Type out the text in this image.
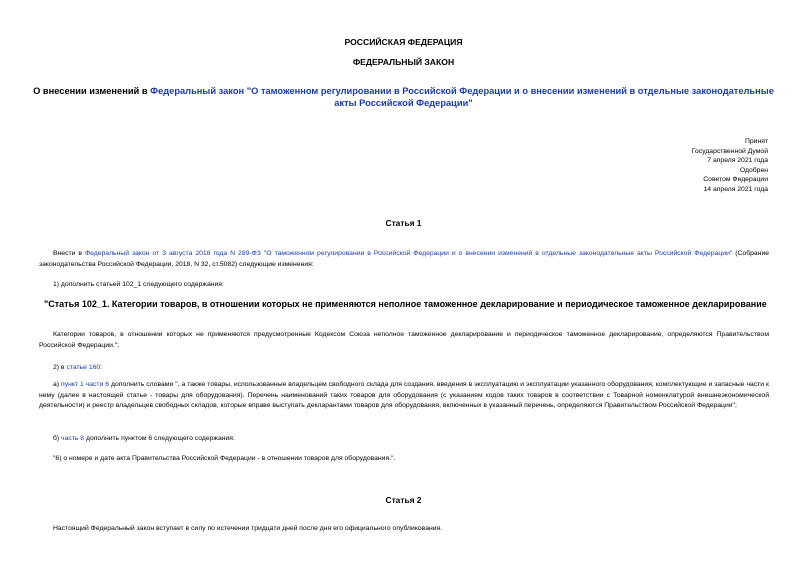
РОССИЙСКАЯ ФЕДЕРАЦИЯ
ФЕДЕРАЛЬНЫЙ ЗАКОН
О внесении изменений в Федеральный закон "О таможенном регулировании в Российской Федерации и о внесении изменений в отдельные законодательные акты Российской Федерации"
Принят
Государственной Думой
7 апреля 2021 года
Одобрен
Советом Федерации
14 апреля 2021 года
Статья 1
Внести в Федеральный закон от 3 августа 2018 года N 289-ФЗ "О таможенном регулировании в Российской Федерации и о внесении изменений в отдельные законодательные акты Российской Федерации" (Собрание законодательства Российской Федерации, 2018, N 32, ст.5082) следующие изменения:
1) дополнить статьей 102_1 следующего содержания:
"Статья 102_1. Категории товаров, в отношении которых не применяются неполное таможенное декларирование и периодическое таможенное декларирование
Категории товаров, в отношении которых не применяются предусмотренные Кодексом Союза неполное таможенное декларирование и периодическое таможенное декларирование, определяются Правительством Российской Федерации.";
2) в статье 160:
а) пункт 1 части 6 дополнить словами ", а также товары, использованные владельцем свободного склада для создания, введения в эксплуатацию и эксплуатации указанного оборудования, комплектующие и запасные части к нему (далее в настоящей статье - товары для оборудования). Перечень наименований таких товаров для оборудования (с указанием кодов таких товаров в соответствии с Товарной номенклатурой внешнеэкономической деятельности) и реестр владельцев свободных складов, которые вправе выступать декларантами товаров для оборудования, включенных в указанный перечень, определяются Правительством Российской Федерации";
б) часть 8 дополнить пунктом 6 следующего содержания:
"6) о номере и дате акта Правительства Российской Федерации - в отношении товаров для оборудования.".
Статья 2
Настоящий Федеральный закон вступает в силу по истечении тридцати дней после дня его официального опубликования.
